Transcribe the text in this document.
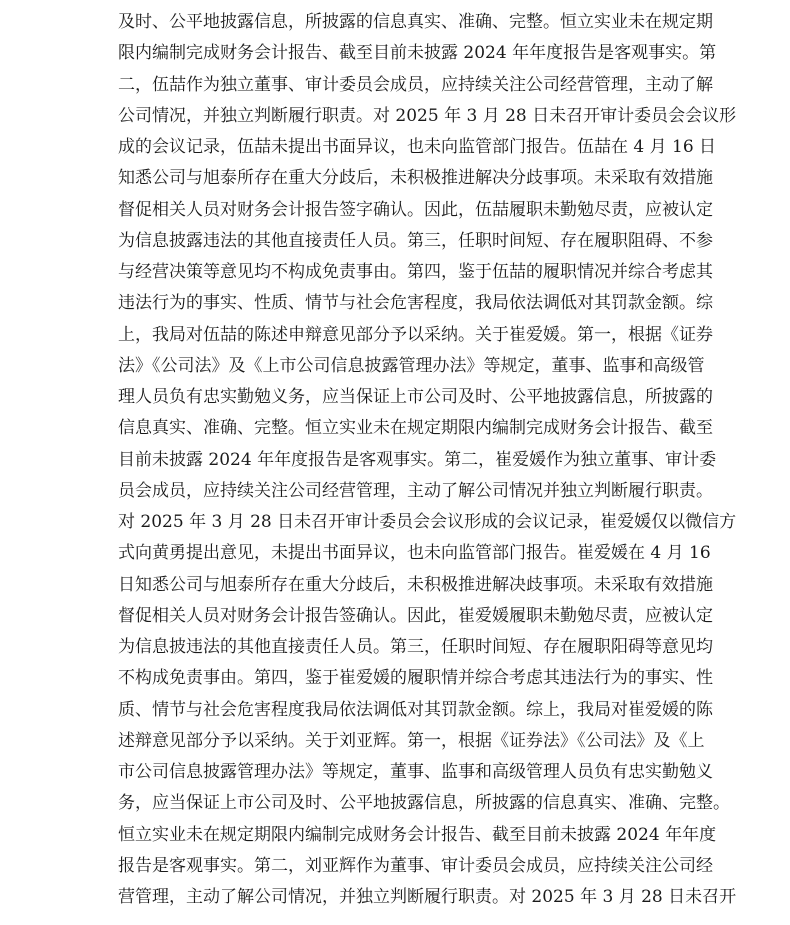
及时、公平地披露信息，所披露的信息真实、准确、完整。恒立实业未在规定期
限内编制完成财务会计报告、截至目前未披露 2024 年年度报告是客观事实。第
二，伍喆作为独立董事、审计委员会成员，应持续关注公司经营管理，主动了解
公司情况，并独立判断履行职责。对 2025 年 3 月 28 日未召开审计委员会会议形
成的会议记录，伍喆未提出书面异议，也未向监管部门报告。伍喆在 4 月 16 日
知悉公司与旭泰所存在重大分歧后，未积极推进解决分歧事项。未采取有效措施
督促相关人员对财务会计报告签字确认。因此，伍喆履职未勤勉尽责，应被认定
为信息披露违法的其他直接责任人员。第三，任职时间短、存在履职阻碍、不参
与经营决策等意见均不构成免责事由。第四，鉴于伍喆的履职情况并综合考虑其
违法行为的事实、性质、情节与社会危害程度，我局依法调低对其罚款金额。综
上，我局对伍喆的陈述申辩意见部分予以采纳。关于崔爱媛。第一，根据《证券
法》《公司法》及《上市公司信息披露管理办法》等规定，董事、监事和高级管
理人员负有忠实勤勉义务，应当保证上市公司及时、公平地披露信息，所披露的
信息真实、准确、完整。恒立实业未在规定期限内编制完成财务会计报告、截至
目前未披露 2024 年年度报告是客观事实。第二，崔爱媛作为独立董事、审计委
员会成员，应持续关注公司经营管理，主动了解公司情况并独立判断履行职责。
对 2025 年 3 月 28 日未召开审计委员会会议形成的会议记录，崔爱媛仅以微信方
式向黄勇提出意见，未提出书面异议，也未向监管部门报告。崔爱媛在 4 月 16
日知悉公司与旭泰所存在重大分歧后，未积极推进解决歧事项。未采取有效措施
督促相关人员对财务会计报告签确认。因此，崔爱媛履职未勤勉尽责，应被认定
为信息披违法的其他直接责任人员。第三，任职时间短、存在履职阳碍等意见均
不构成免责事由。第四，鉴于崔爱媛的履职情并综合考虑其违法行为的事实、性
质、情节与社会危害程度我局依法调低对其罚款金额。综上，我局对崔爱媛的陈
述辩意见部分予以采纳。关于刘亚辉。第一，根据《证券法》《公司法》及《上
市公司信息披露管理办法》等规定，董事、监事和高级管理人员负有忠实勤勉义
务，应当保证上市公司及时、公平地披露信息，所披露的信息真实、准确、完整。
恒立实业未在规定期限内编制完成财务会计报告、截至目前未披露 2024 年年度
报告是客观事实。第二，刘亚辉作为董事、审计委员会成员，应持续关注公司经
营管理，主动了解公司情况，并独立判断履行职责。对 2025 年 3 月 28 日未召开
